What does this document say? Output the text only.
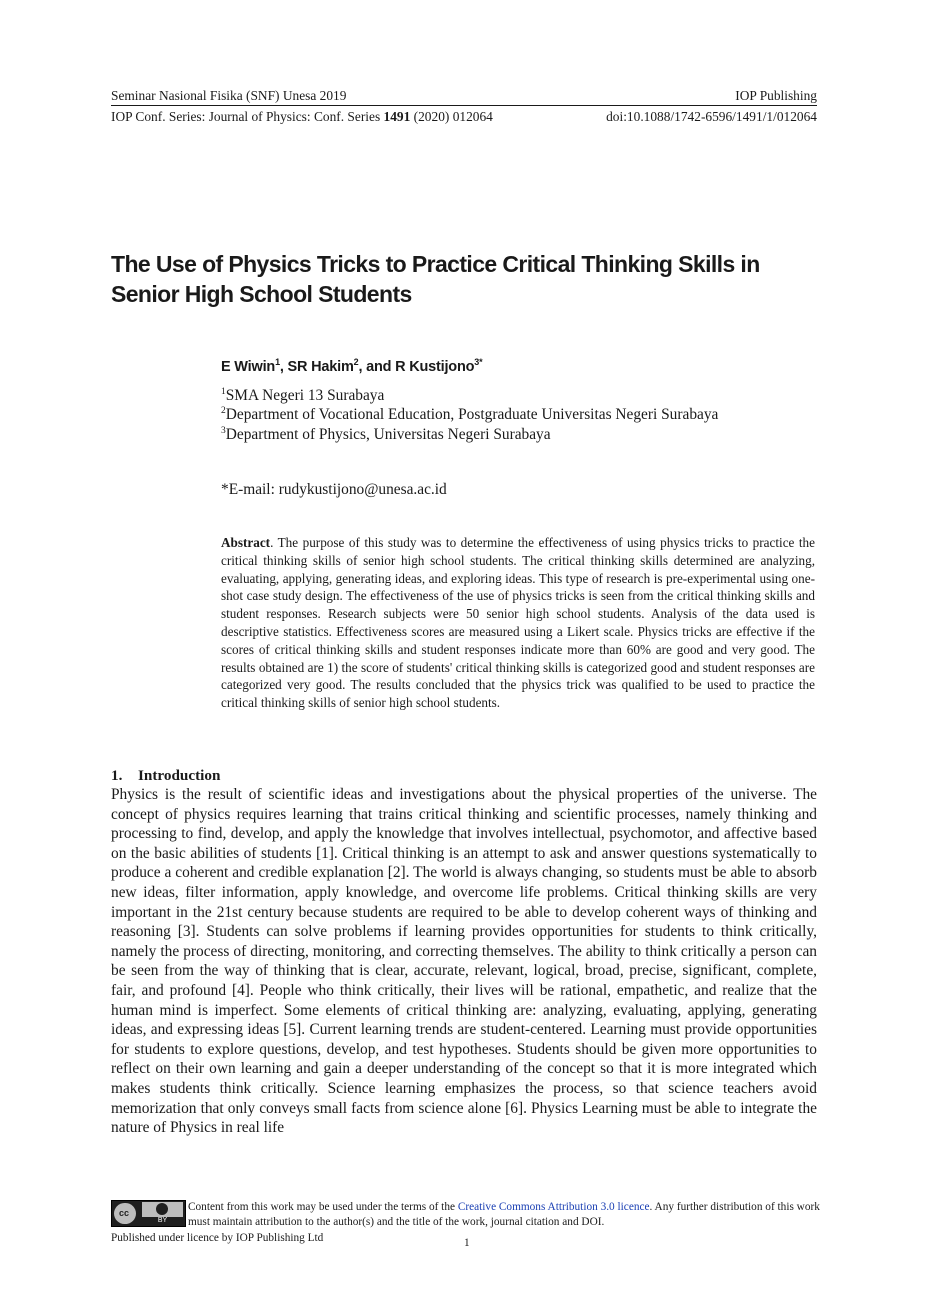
Seminar Nasional Fisika (SNF) Unesa 2019	IOP Publishing
IOP Conf. Series: Journal of Physics: Conf. Series 1491 (2020) 012064	doi:10.1088/1742-6596/1491/1/012064
The Use of Physics Tricks to Practice Critical Thinking Skills in Senior High School Students

E Wiwin$^1$, SR Hakim$^2$, and R Kustijono$^{3*}$

$^1$SMA Negeri 13 Surabaya
$^2$Department of Vocational Education, Postgraduate Universitas Negeri Surabaya
$^3$Department of Physics, Universitas Negeri Surabaya
*E-mail: rudykustijono@unesa.ac.id

Abstract. The purpose of this study was to determine the effectiveness of using physics tricks to practice the critical thinking skills of senior high school students. The critical thinking skills determined are analyzing, evaluating, applying, generating ideas, and exploring ideas. This type of research is pre-experimental using one-shot case study design. The effectiveness of the use of physics tricks is seen from the critical thinking skills and student responses. Research subjects were 50 senior high school students. Analysis of the data used is descriptive statistics. Effectiveness scores are measured using a Likert scale. Physics tricks are effective if the scores of critical thinking skills and student responses indicate more than 60% are good and very good. The results obtained are 1) the score of students' critical thinking skills is categorized good and student responses are categorized very good. The results concluded that the physics trick was qualified to be used to practice the critical thinking skills of senior high school students.

1. Introduction

Physics is the result of scientific ideas and investigations about the physical properties of the universe. The concept of physics requires learning that trains critical thinking and scientific processes, namely thinking and processing to find, develop, and apply the knowledge that involves intellectual, psychomotor, and affective based on the basic abilities of students [1]. Critical thinking is an attempt to ask and answer questions systematically to produce a coherent and credible explanation [2]. The world is always changing, so students must be able to absorb new ideas, filter information, apply knowledge, and overcome life problems. Critical thinking skills are very important in the 21st century because students are required to be able to develop coherent ways of thinking and reasoning [3]. Students can solve problems if learning provides opportunities for students to think critically, namely the process of directing, monitoring, and correcting themselves. The ability to think critically a person can be seen from the way of thinking that is clear, accurate, relevant, logical, broad, precise, significant, complete, fair, and profound [4]. People who think critically, their lives will be rational, empathetic, and realize that the human mind is imperfect. Some elements of critical thinking are: analyzing, evaluating, applying, generating ideas, and expressing ideas [5]. Current learning trends are student-centered. Learning must provide opportunities for students to explore questions, develop, and test hypotheses. Students should be given more opportunities to reflect on their own learning and gain a deeper understanding of the concept so that it is more integrated which makes students think critically. Science learning emphasizes the process, so that science teachers avoid memorization that only conveys small facts from science alone [6]. Physics Learning must be able to integrate the nature of Physics in real life

cc
BY
Content from this work may be used under the terms of the Creative Commons Attribution 3.0 licence. Any further distribution of this work must maintain attribution to the author(s) and the title of the work, journal citation and DOI.
Published under licence by IOP Publishing Ltd	1
